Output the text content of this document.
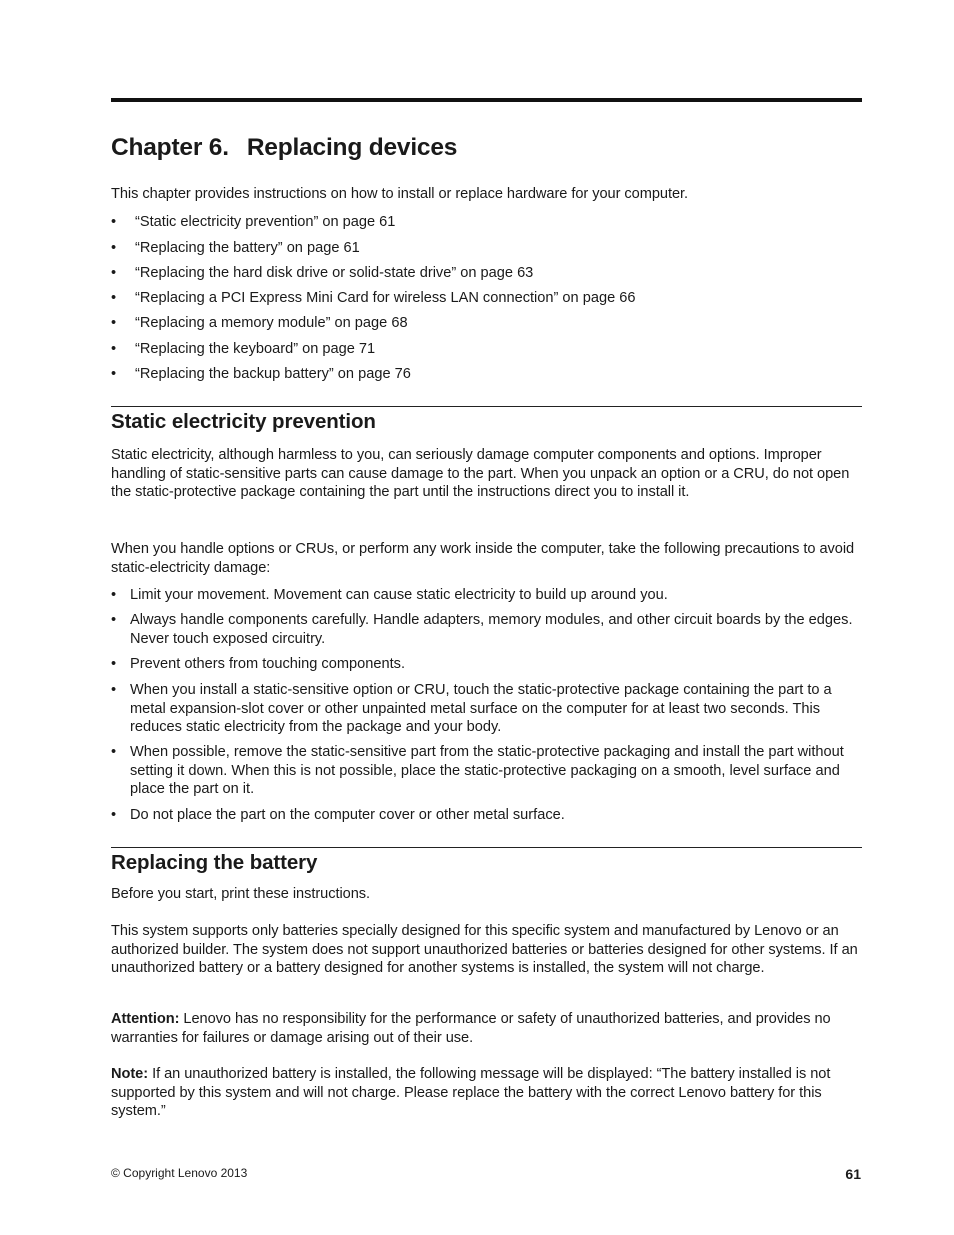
Chapter 6. Replacing devices

This chapter provides instructions on how to install or replace hardware for your computer.

• “Static electricity prevention” on page 61
• “Replacing the battery” on page 61
• “Replacing the hard disk drive or solid-state drive” on page 63
• “Replacing a PCI Express Mini Card for wireless LAN connection” on page 66
• “Replacing a memory module” on page 68
• “Replacing the keyboard” on page 71
• “Replacing the backup battery” on page 76
Static electricity prevention

Static electricity, although harmless to you, can seriously damage computer components and options. Improper handling of static-sensitive parts can cause damage to the part. When you unpack an option or a CRU, do not open the static-protective package containing the part until the instructions direct you to install it.

When you handle options or CRUs, or perform any work inside the computer, take the following precautions to avoid static-electricity damage:

• Limit your movement. Movement can cause static electricity to build up around you.
• Always handle components carefully. Handle adapters, memory modules, and other circuit boards by the edges. Never touch exposed circuitry.
• Prevent others from touching components.
• When you install a static-sensitive option or CRU, touch the static-protective package containing the part to a metal expansion-slot cover or other unpainted metal surface on the computer for at least two seconds. This reduces static electricity from the package and your body.
• When possible, remove the static-sensitive part from the static-protective packaging and install the part without setting it down. When this is not possible, place the static-protective packaging on a smooth, level surface and place the part on it.
• Do not place the part on the computer cover or other metal surface.
Replacing the battery

Before you start, print these instructions.

This system supports only batteries specially designed for this specific system and manufactured by Lenovo or an authorized builder. The system does not support unauthorized batteries or batteries designed for other systems. If an unauthorized battery or a battery designed for another systems is installed, the system will not charge.

Attention: Lenovo has no responsibility for the performance or safety of unauthorized batteries, and provides no warranties for failures or damage arising out of their use.

Note: If an unauthorized battery is installed, the following message will be displayed: “The battery installed is not supported by this system and will not charge. Please replace the battery with the correct Lenovo battery for this system.”

© Copyright Lenovo 2013	61
